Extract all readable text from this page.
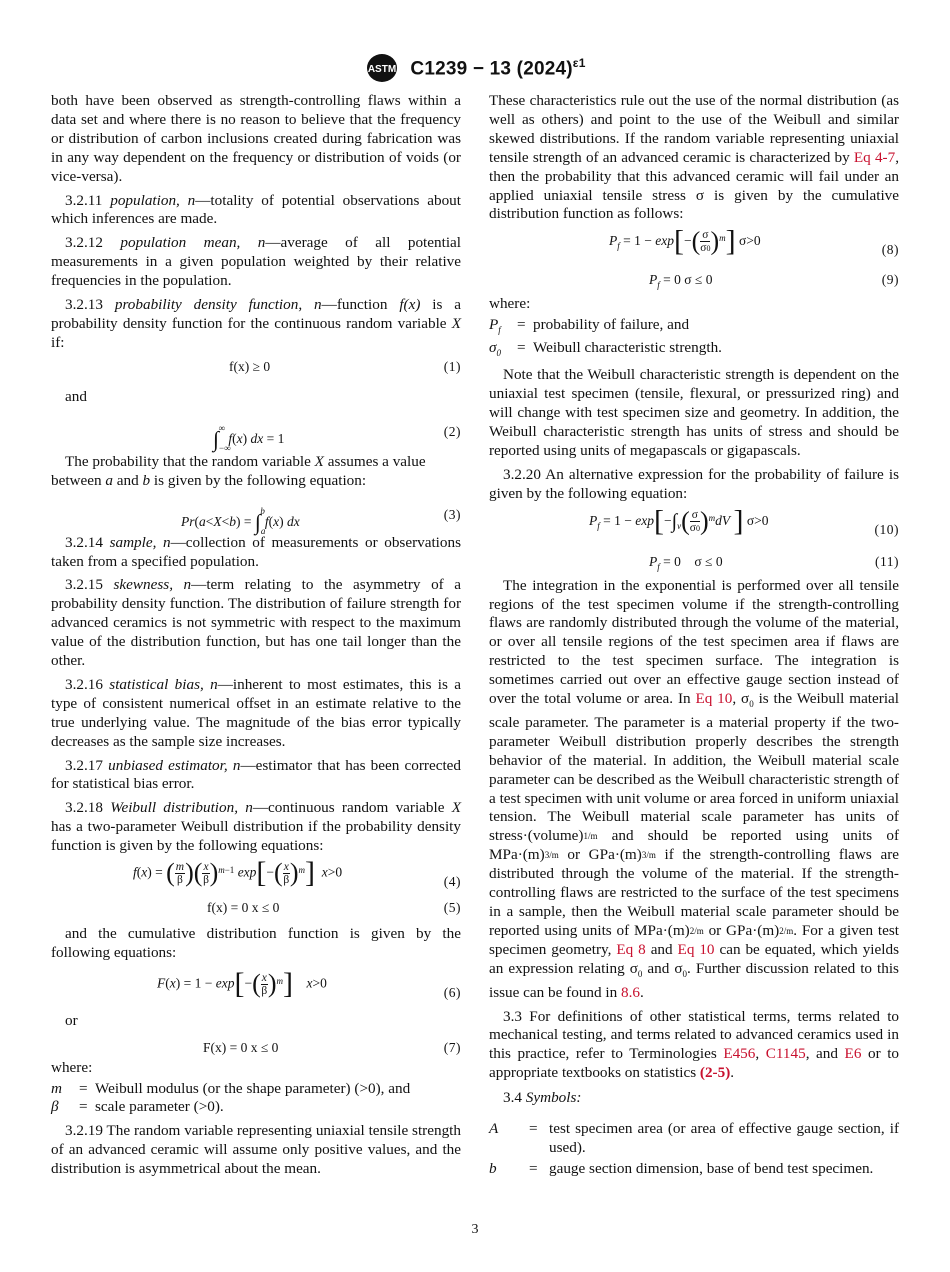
ASTM C1239 − 13 $(2024)^{\varepsilon 1}$

both have been observed as strength-controlling flaws within a data set and where there is no reason to believe that the frequency or distribution of carbon inclusions created during fabrication was in any way dependent on the frequency or distribution of voids (or vice-versa).

3.2.11 population, n—totality of potential observations about which inferences are made.

3.2.12 population mean, n—average of all potential measurements in a given population weighted by their relative frequencies in the population.

3.2.13 probability density function, n—function f(x) is a probability density function for the continuous random variable X if:

f(x) ≥ 0	(1)

and

$\int_{-\infty}^\infty$ f(x) dx = 1	(2)

The probability that the random variable X assumes a value between a and b is given by the following equation:

$Pr(a<X<b) = \int_a^bf(x)$ dx	(3)

3.2.14 sample, n—collection of measurements or observations taken from a specified population.

3.2.15 skewness, n—term relating to the asymmetry of a probability density function. The distribution of failure strength for advanced ceramics is not symmetric with respect to the maximum value of the distribution function, but has one tail longer than the other.

3.2.16 statistical bias, n—inherent to most estimates, this is a type of consistent numerical offset in an estimate relative to the true underlying value. The magnitude of the bias error typically decreases as the sample size increases.

3.2.17 unbiased estimator, n—estimator that has been corrected for statistical bias error.

3.2.18 Weibull distribution, n—continuous random variable X has a two-parameter Weibull distribution if the probability density function is given by the following equations:

f(x) = ( $\frac{m}{\beta}$ )( $\frac{x}{\beta} )^{m-1}$ $\exp[-( \frac{x}{\beta} )^m]$ x>0
(4)
f(x) = 0 x ≤ 0	(5)

and the cumulative distribution function is given by the following equations:

$F(x) = 1 - \exp[-( \frac{x}{\beta} )^m]$ x>0
(6)

or

F(x) = 0 x ≤ 0	(7)

where:

m	= Weibull modulus (or the shape parameter) (>0), and
β	= scale parameter (>0).

3.2.19 The random variable representing uniaxial tensile strength of an advanced ceramic will assume only positive values, and the distribution is asymmetrical about the mean.

These characteristics rule out the use of the normal distribution (as well as others) and point to the use of the Weibull and similar skewed distributions. If the random variable representing uniaxial tensile strength of an advanced ceramic is characterized by Eq 4-7, then the probability that this advanced ceramic will fail under an applied uniaxial tensile stress σ is given by the cumulative distribution function as follows:

$P_f = 1 - \exp[-( \frac{\sigma}{\sigma 0} )^m]$ σ>0
(8)
$P_f = 0$ σ ≤ 0	(9)

where:

$P_f$	= probability of failure, and
$\sigma_0$	= Weibull characteristic strength.

Note that the Weibull characteristic strength is dependent on the uniaxial test specimen (tensile, flexural, or pressurized ring) and will change with test specimen size and geometry. In addition, the Weibull characteristic strength has units of stress and should be reported using units of megapascals or gigapascals.

3.2.20 An alternative expression for the probability of failure is given by the following equation:

$P_f = 1 - \exp[-\int_v( \frac{\sigma}{\sigma 0} )^mdV$ ] σ>0
(10)
$P_f = 0$    σ ≤ 0	(11)

The integration in the exponential is performed over all tensile regions of the test specimen volume if the strength-controlling flaws are randomly distributed through the volume of the material, or over all tensile regions of the test specimen area if flaws are restricted to the test specimen surface. The integration is sometimes carried out over an effective gauge section instead of over the total volume or area. In Eq 10, $\sigma_0$ is the Weibull material scale parameter. The parameter is a material property if the two-parameter Weibull distribution properly describes the strength behavior of the material. In addition, the Weibull material scale parameter can be described as the Weibull characteristic strength of a test specimen with unit volume or area forced in uniform uniaxial tension. The Weibull material scale parameter has units of stress·(volume)$^{1/m}$ and should be reported using units of $MPa\cdot(m)^{3/m}$ or $GPa\cdot(m)^{3/m}$ if the strength-controlling flaws are distributed through the volume of the material. If the strength-controlling flaws are restricted to the surface of the test specimens in a sample, then the Weibull material scale parameter should be reported using units of $MPa\cdot(m)^{2/m}$ or $GPa\cdot(m)^{2/m}$. For a given test specimen geometry, Eq 8 and Eq 10 can be equated, which yields an expression relating $\sigma_0$ and $\sigma_0$. Further discussion related to this issue can be found in 8.6.

3.3 For definitions of other statistical terms, terms related to mechanical testing, and terms related to advanced ceramics used in this practice, refer to Terminologies E456, C1145, and E6 or to appropriate textbooks on statistics (2-5).

3.4 Symbols:

A	= test specimen area (or area of effective gauge section, if used).
b	= gauge section dimension, base of bend test specimen.
3
